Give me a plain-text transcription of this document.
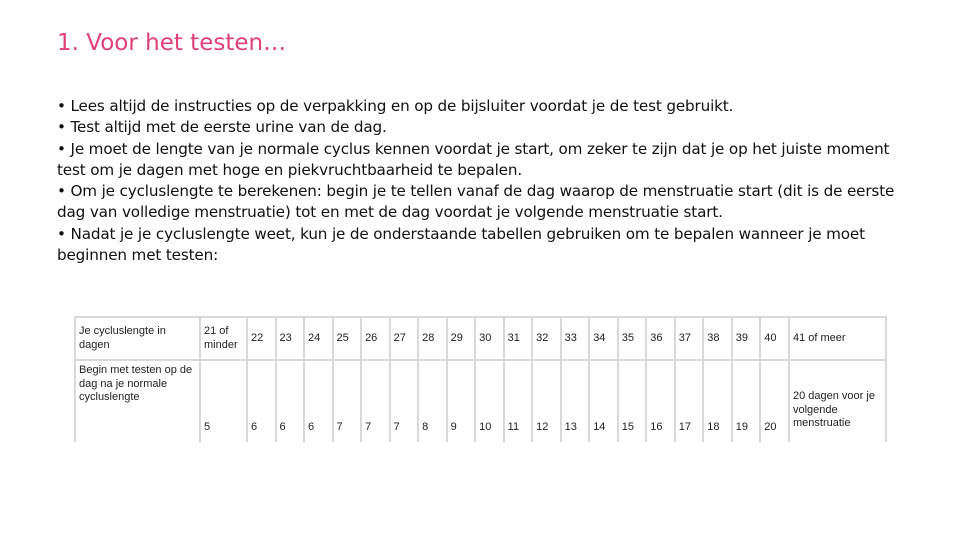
1. Voor het testen…

• Lees altijd de instructies op de verpakking en op de bijsluiter voordat je de test gebruikt.

• Test altijd met de eerste urine van de dag.

• Je moet de lengte van je normale cyclus kennen voordat je start, om zeker te zijn dat je op het juiste moment test om je dagen met hoge en piekvruchtbaarheid te bepalen.

• Om je cycluslengte te berekenen: begin je te tellen vanaf de dag waarop de menstruatie start (dit is de eerste dag van volledige menstruatie) tot en met de dag voordat je volgende menstruatie start.

• Nadat je je cycluslengte weet, kun je de onderstaande tabellen gebruiken om te bepalen wanneer je moet beginnen met testen:

Je cycluslengte in dagen	21 of minder	22	23	24	25	26	27	28	29	30	31	32	33	34	35	36	37	38	39	40	41 of meer
Begin met testen op de dag na je normale cycluslengte	5	6	6	6	7	7	7	8	9	10	11	12	13	14	15	16	17	18	19	20	20 dagen voor je volgende menstruatie
